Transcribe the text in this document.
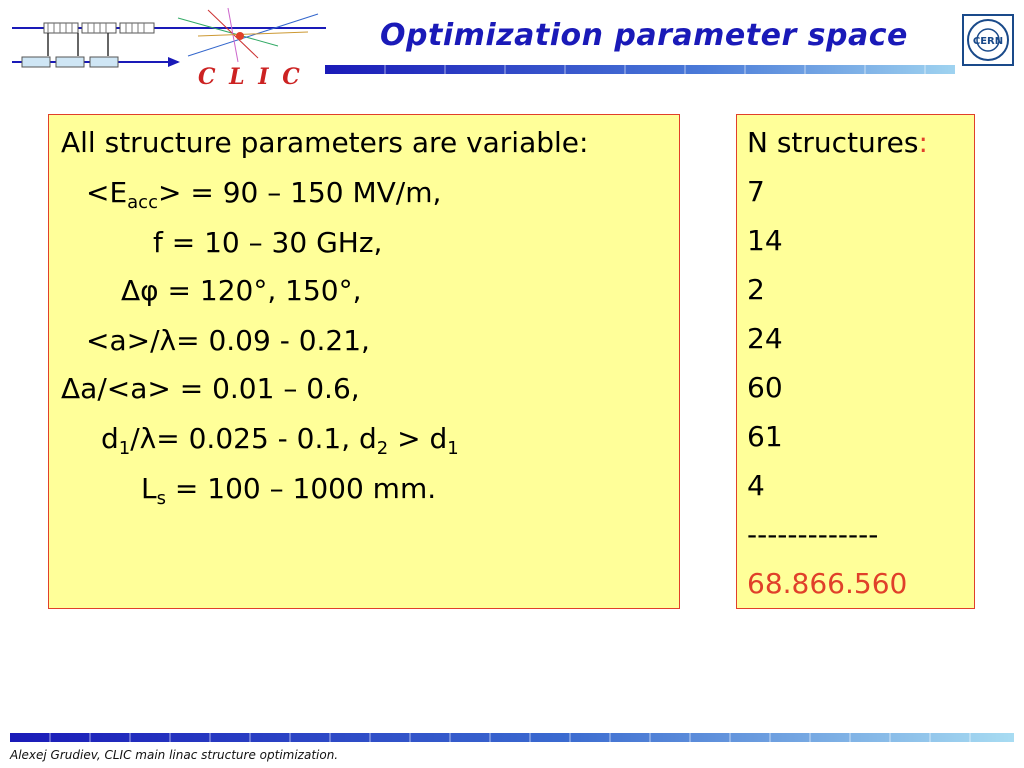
C L I C
Optimization parameter space	CERN
All structure parameters are variable:
$<E_{acc}> = 90 - 150$ MV/m,
f = 10 – 30 GHz,
Δφ = 120°, 150°,
<a>/λ= 0.09 - 0.21,
Δa/<a> = 0.01 – 0.6,
$d_1/\lambda= 0.025 - 0.1$, $d_2 > d_1$
$L_s = 100 - 1000$ mm.
N structures:
7
14
2
24
60
61
4
-------------
68.866.560
Alexej Grudiev, CLIC main linac structure optimization.
